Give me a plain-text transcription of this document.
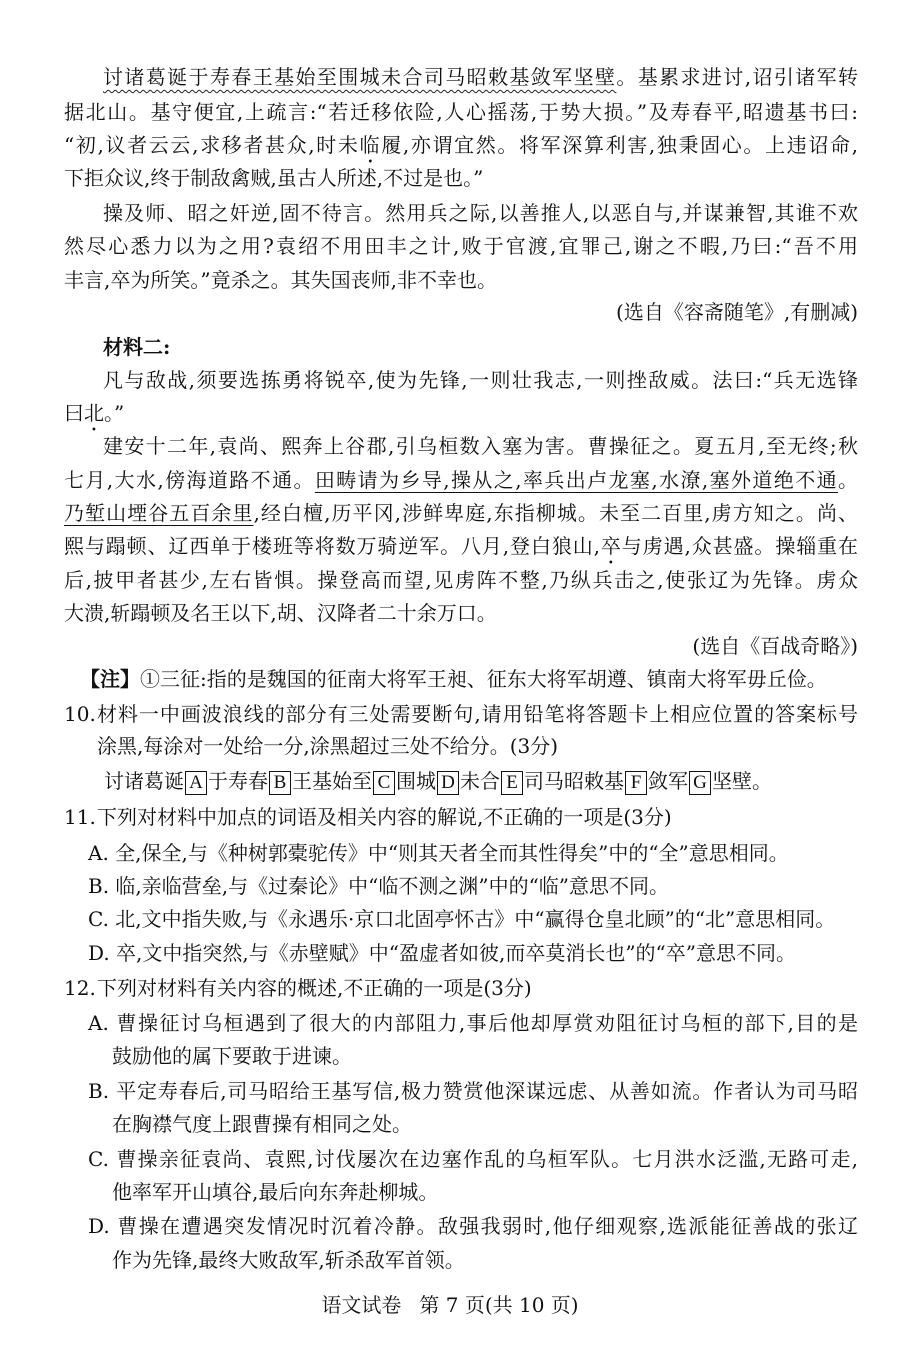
讨诸葛诞于寿春王基始至围城未合司马昭敕基敛军坚壁。基累求进讨,诏引诸军转
据北山。基守便宜,上疏言:“若迁移依险,人心摇荡,于势大损。”及寿春平,昭遗基书曰:
“初,议者云云,求移者甚众,时未临履,亦谓宜然。将军深算利害,独秉固心。上违诏命,
下拒众议,终于制敌禽贼,虽古人所述,不过是也。”
操及师、昭之奸逆,固不待言。然用兵之际,以善推人,以恶自与,并谋兼智,其谁不欢
然尽心悉力以为之用?袁绍不用田丰之计,败于官渡,宜罪己,谢之不暇,乃曰:“吾不用
丰言,卒为所笑。”竟杀之。其失国丧师,非不幸也。
(选自《容斋随笔》,有删减)
材料二:
凡与敌战,须要选拣勇将锐卒,使为先锋,一则壮我志,一则挫敌威。法曰:“兵无选锋
曰北。”
建安十二年,袁尚、熙奔上谷郡,引乌桓数入塞为害。曹操征之。夏五月,至无终;秋
七月,大水,傍海道路不通。田畴请为乡导,操从之,率兵出卢龙塞,水潦,塞外道绝不通。
乃堑山堙谷五百余里,经白檀,历平冈,涉鲜卑庭,东指柳城。未至二百里,虏方知之。尚、
熙与蹋顿、辽西单于楼班等将数万骑逆军。八月,登白狼山,卒与虏遇,众甚盛。操辎重在
后,披甲者甚少,左右皆惧。操登高而望,见虏阵不整,乃纵兵击之,使张辽为先锋。虏众
大溃,斩蹋顿及名王以下,胡、汉降者二十余万口。
(选自《百战奇略》)
【注】①三征:指的是魏国的征南大将军王昶、征东大将军胡遵、镇南大将军毋丘俭。
10. 材料一中画波浪线的部分有三处需要断句,请用铅笔将答题卡上相应位置的答案标号
涂黑,每涂对一处给一分,涂黑超过三处不给分。(3分)
讨诸葛诞 A 于寿春 B 王基始至 C 围城 D 未合 E 司马昭敕基 F 敛军 G 坚壁。
11. 下列对材料中加点的词语及相关内容的解说,不正确的一项是(3分)
A. 全,保全,与《种树郭橐驼传》中“则其天者全而其性得矣”中的“全”意思相同。
B. 临,亲临营垒,与《过秦论》中“临不测之渊”中的“临”意思不同。
C. 北,文中指失败,与《永遇乐·京口北固亭怀古》中“赢得仓皇北顾”的“北”意思相同。
D. 卒,文中指突然,与《赤壁赋》中“盈虚者如彼,而卒莫消长也”的“卒”意思不同。
12. 下列对材料有关内容的概述,不正确的一项是(3分)
A. 曹操征讨乌桓遇到了很大的内部阻力,事后他却厚赏劝阻征讨乌桓的部下,目的是
鼓励他的属下要敢于进谏。
B. 平定寿春后,司马昭给王基写信,极力赞赏他深谋远虑、从善如流。作者认为司马昭
在胸襟气度上跟曹操有相同之处。
C. 曹操亲征袁尚、袁熙,讨伐屡次在边塞作乱的乌桓军队。七月洪水泛滥,无路可走,
他率军开山填谷,最后向东奔赴柳城。
D. 曹操在遭遇突发情况时沉着冷静。敌强我弱时,他仔细观察,选派能征善战的张辽
作为先锋,最终大败敌军,斩杀敌军首领。
语文试卷 第 7 页(共 10 页)
